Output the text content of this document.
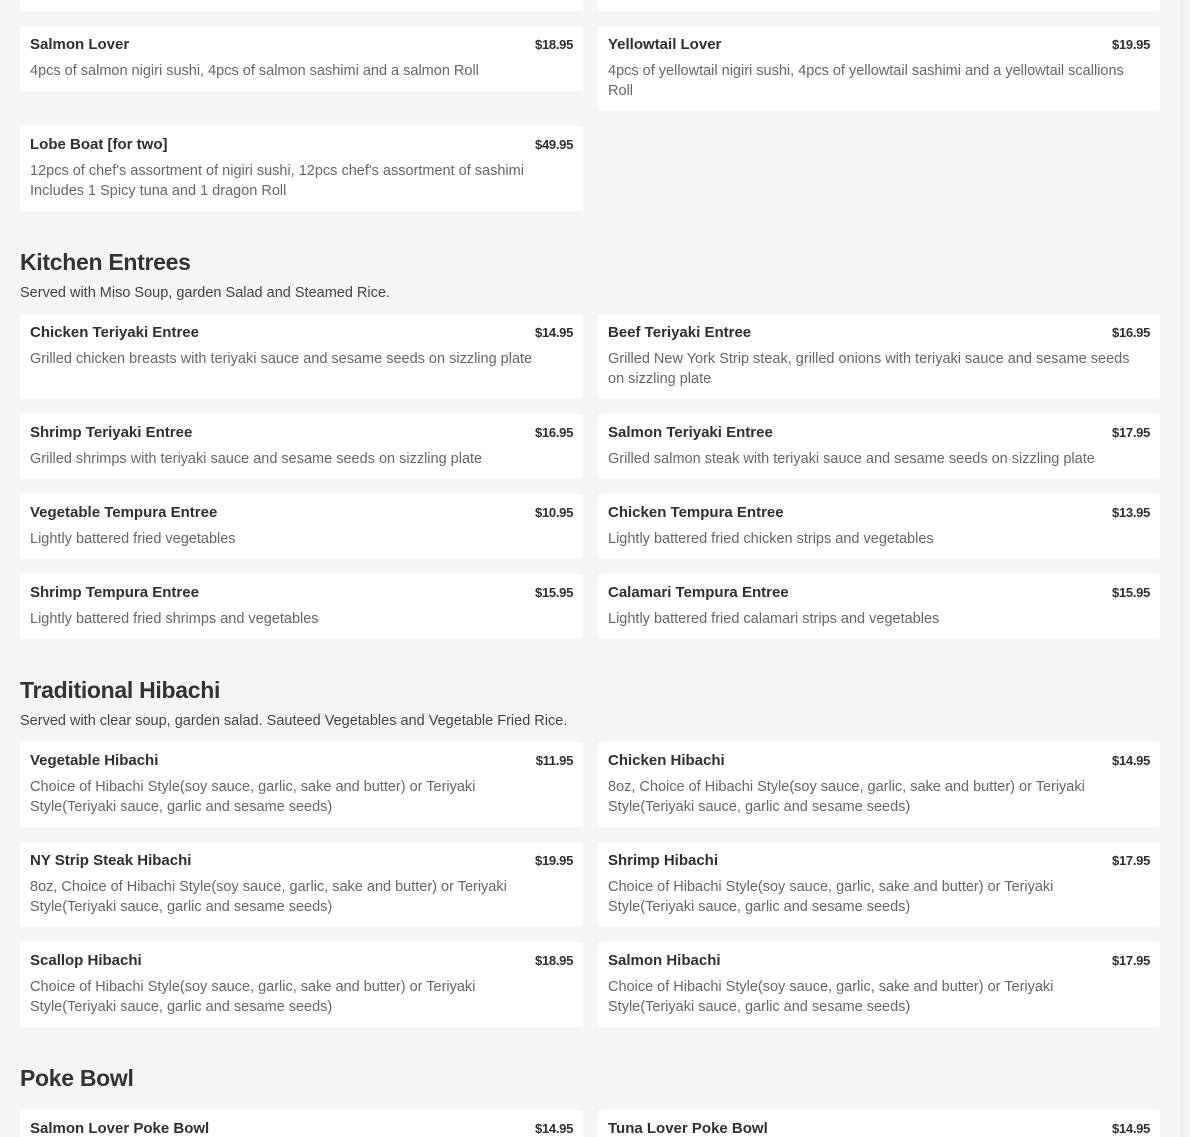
Salmon Lover	$18.95
4pcs of salmon nigiri sushi, 4pcs of salmon sashimi and a salmon Roll
Yellowtail Lover	$19.95
4pcs of yellowtail nigiri sushi, 4pcs of yellowtail sashimi and a yellowtail scallions Roll
Lobe Boat [for two]	$49.95
12pcs of chef's assortment of nigiri sushi, 12pcs chef's assortment of sashimi Includes 1 Spicy tuna and 1 dragon Roll
Kitchen Entrees
Served with Miso Soup, garden Salad and Steamed Rice.
Chicken Teriyaki Entree	$14.95
Grilled chicken breasts with teriyaki sauce and sesame seeds on sizzling plate
Beef Teriyaki Entree	$16.95
Grilled New York Strip steak, grilled onions with teriyaki sauce and sesame seeds on sizzling plate
Shrimp Teriyaki Entree	$16.95
Grilled shrimps with teriyaki sauce and sesame seeds on sizzling plate
Salmon Teriyaki Entree	$17.95
Grilled salmon steak with teriyaki sauce and sesame seeds on sizzling plate
Vegetable Tempura Entree	$10.95
Lightly battered fried vegetables
Chicken Tempura Entree	$13.95
Lightly battered fried chicken strips and vegetables
Shrimp Tempura Entree	$15.95
Lightly battered fried shrimps and vegetables
Calamari Tempura Entree	$15.95
Lightly battered fried calamari strips and vegetables
Traditional Hibachi
Served with clear soup, garden salad. Sauteed Vegetables and Vegetable Fried Rice.
Vegetable Hibachi	$11.95
Choice of Hibachi Style(soy sauce, garlic, sake and butter) or Teriyaki Style(Teriyaki sauce, garlic and sesame seeds)
Chicken Hibachi	$14.95
8oz, Choice of Hibachi Style(soy sauce, garlic, sake and butter) or Teriyaki Style(Teriyaki sauce, garlic and sesame seeds)
NY Strip Steak Hibachi	$19.95
8oz, Choice of Hibachi Style(soy sauce, garlic, sake and butter) or Teriyaki Style(Teriyaki sauce, garlic and sesame seeds)
Shrimp Hibachi	$17.95
Choice of Hibachi Style(soy sauce, garlic, sake and butter) or Teriyaki Style(Teriyaki sauce, garlic and sesame seeds)
Scallop Hibachi	$18.95
Choice of Hibachi Style(soy sauce, garlic, sake and butter) or Teriyaki Style(Teriyaki sauce, garlic and sesame seeds)
Salmon Hibachi	$17.95
Choice of Hibachi Style(soy sauce, garlic, sake and butter) or Teriyaki Style(Teriyaki sauce, garlic and sesame seeds)
Poke Bowl
Salmon Lover Poke Bowl	$14.95 Tuna Lover Poke Bowl	$14.95
